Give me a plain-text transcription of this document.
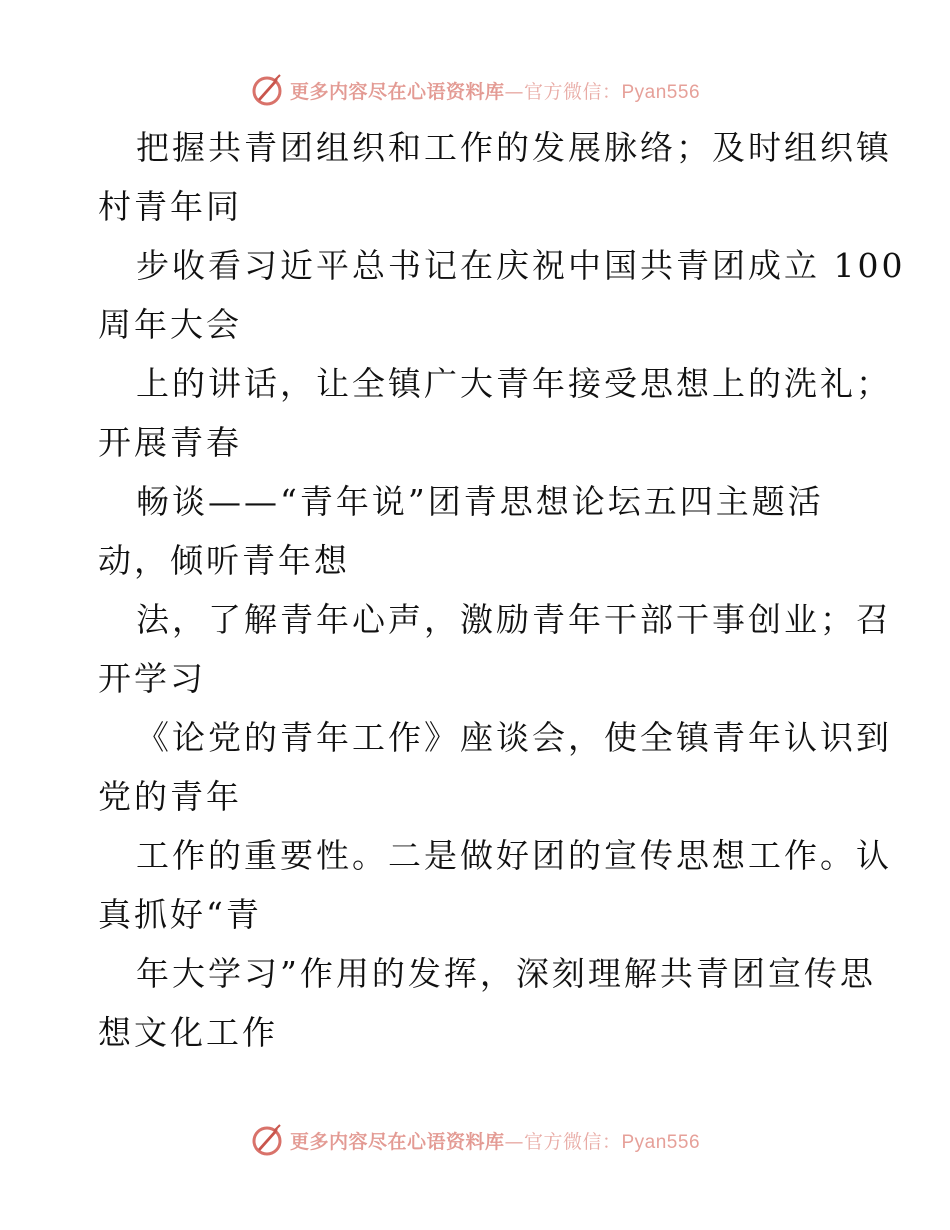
更多内容尽在心语资料库—官方微信：Pyan556
把握共青团组织和工作的发展脉络；及时组织镇
村青年同
步收看习近平总书记在庆祝中国共青团成立 100
周年大会
上的讲话，让全镇广大青年接受思想上的洗礼；
开展青春
畅谈——“青年说”团青思想论坛五四主题活
动，倾听青年想
法，了解青年心声，激励青年干部干事创业；召
开学习
《论党的青年工作》座谈会，使全镇青年认识到
党的青年
工作的重要性。二是做好团的宣传思想工作。认
真抓好“青
年大学习”作用的发挥，深刻理解共青团宣传思
想文化工作
更多内容尽在心语资料库—官方微信：Pyan556
